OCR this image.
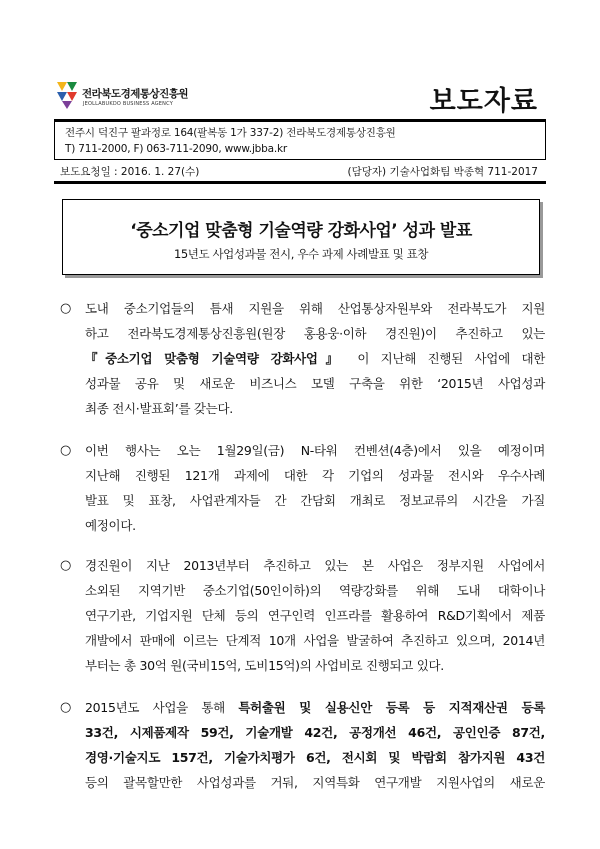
전라북도경제통상진흥원
JEOLLABUKDO BUSINESS AGENCY	보도자료
전주시 덕진구 팔과정로 164(팔복동 1가 337-2) 전라북도경제통상진흥원
T) 711-2000, F) 063-711-2090, www.jbba.kr
보도요청일 : 2016. 1. 27(수)	(담당자) 기술사업화팀 박종혁 711-2017
‘중소기업 맞춤형 기술역량 강화사업’ 성과 발표
15년도 사업성과물 전시, 우수 과제 사례발표 및 표창
○ 도내 중소기업들의 틈새 지원을 위해 산업통상자원부와 전라북도가 지원
하고 전라북도경제통상진흥원(원장 홍용웅·이하 경진원)이 추진하고 있는
『중소기업 맞춤형 기술역량 강화사업』 이 지난해 진행된 사업에 대한
성과물 공유 및 새로운 비즈니스 모델 구축을 위한 ‘2015년 사업성과
최종 전시·발표회’를 갖는다.

○ 이번 행사는 오는 1월29일(금) N-타워 컨벤션(4층)에서 있을 예정이며
지난해 진행된 121개 과제에 대한 각 기업의 성과물 전시와 우수사례
발표 및 표창, 사업관계자들 간 간담회 개최로 정보교류의 시간을 가질
예정이다.

○ 경진원이 지난 2013년부터 추진하고 있는 본 사업은 정부지원 사업에서
소외된 지역기반 중소기업(50인이하)의 역량강화를 위해 도내 대학이나
연구기관, 기업지원 단체 등의 연구인력 인프라를 활용하여 R&D기획에서 제품
개발에서 판매에 이르는 단계적 10개 사업을 발굴하여 추진하고 있으며, 2014년
부터는 총 30억 원(국비15억, 도비15억)의 사업비로 진행되고 있다.

○ 2015년도 사업을 통해 특허출원 및 실용신안 등록 등 지적재산권 등록
33건, 시제품제작 59건, 기술개발 42건, 공정개선 46건, 공인인증 87건,
경영·기술지도 157건, 기술가치평가 6건, 전시회 및 박람회 참가지원 43건
등의 괄목할만한 사업성과를 거둬, 지역특화 연구개발 지원사업의 새로운
